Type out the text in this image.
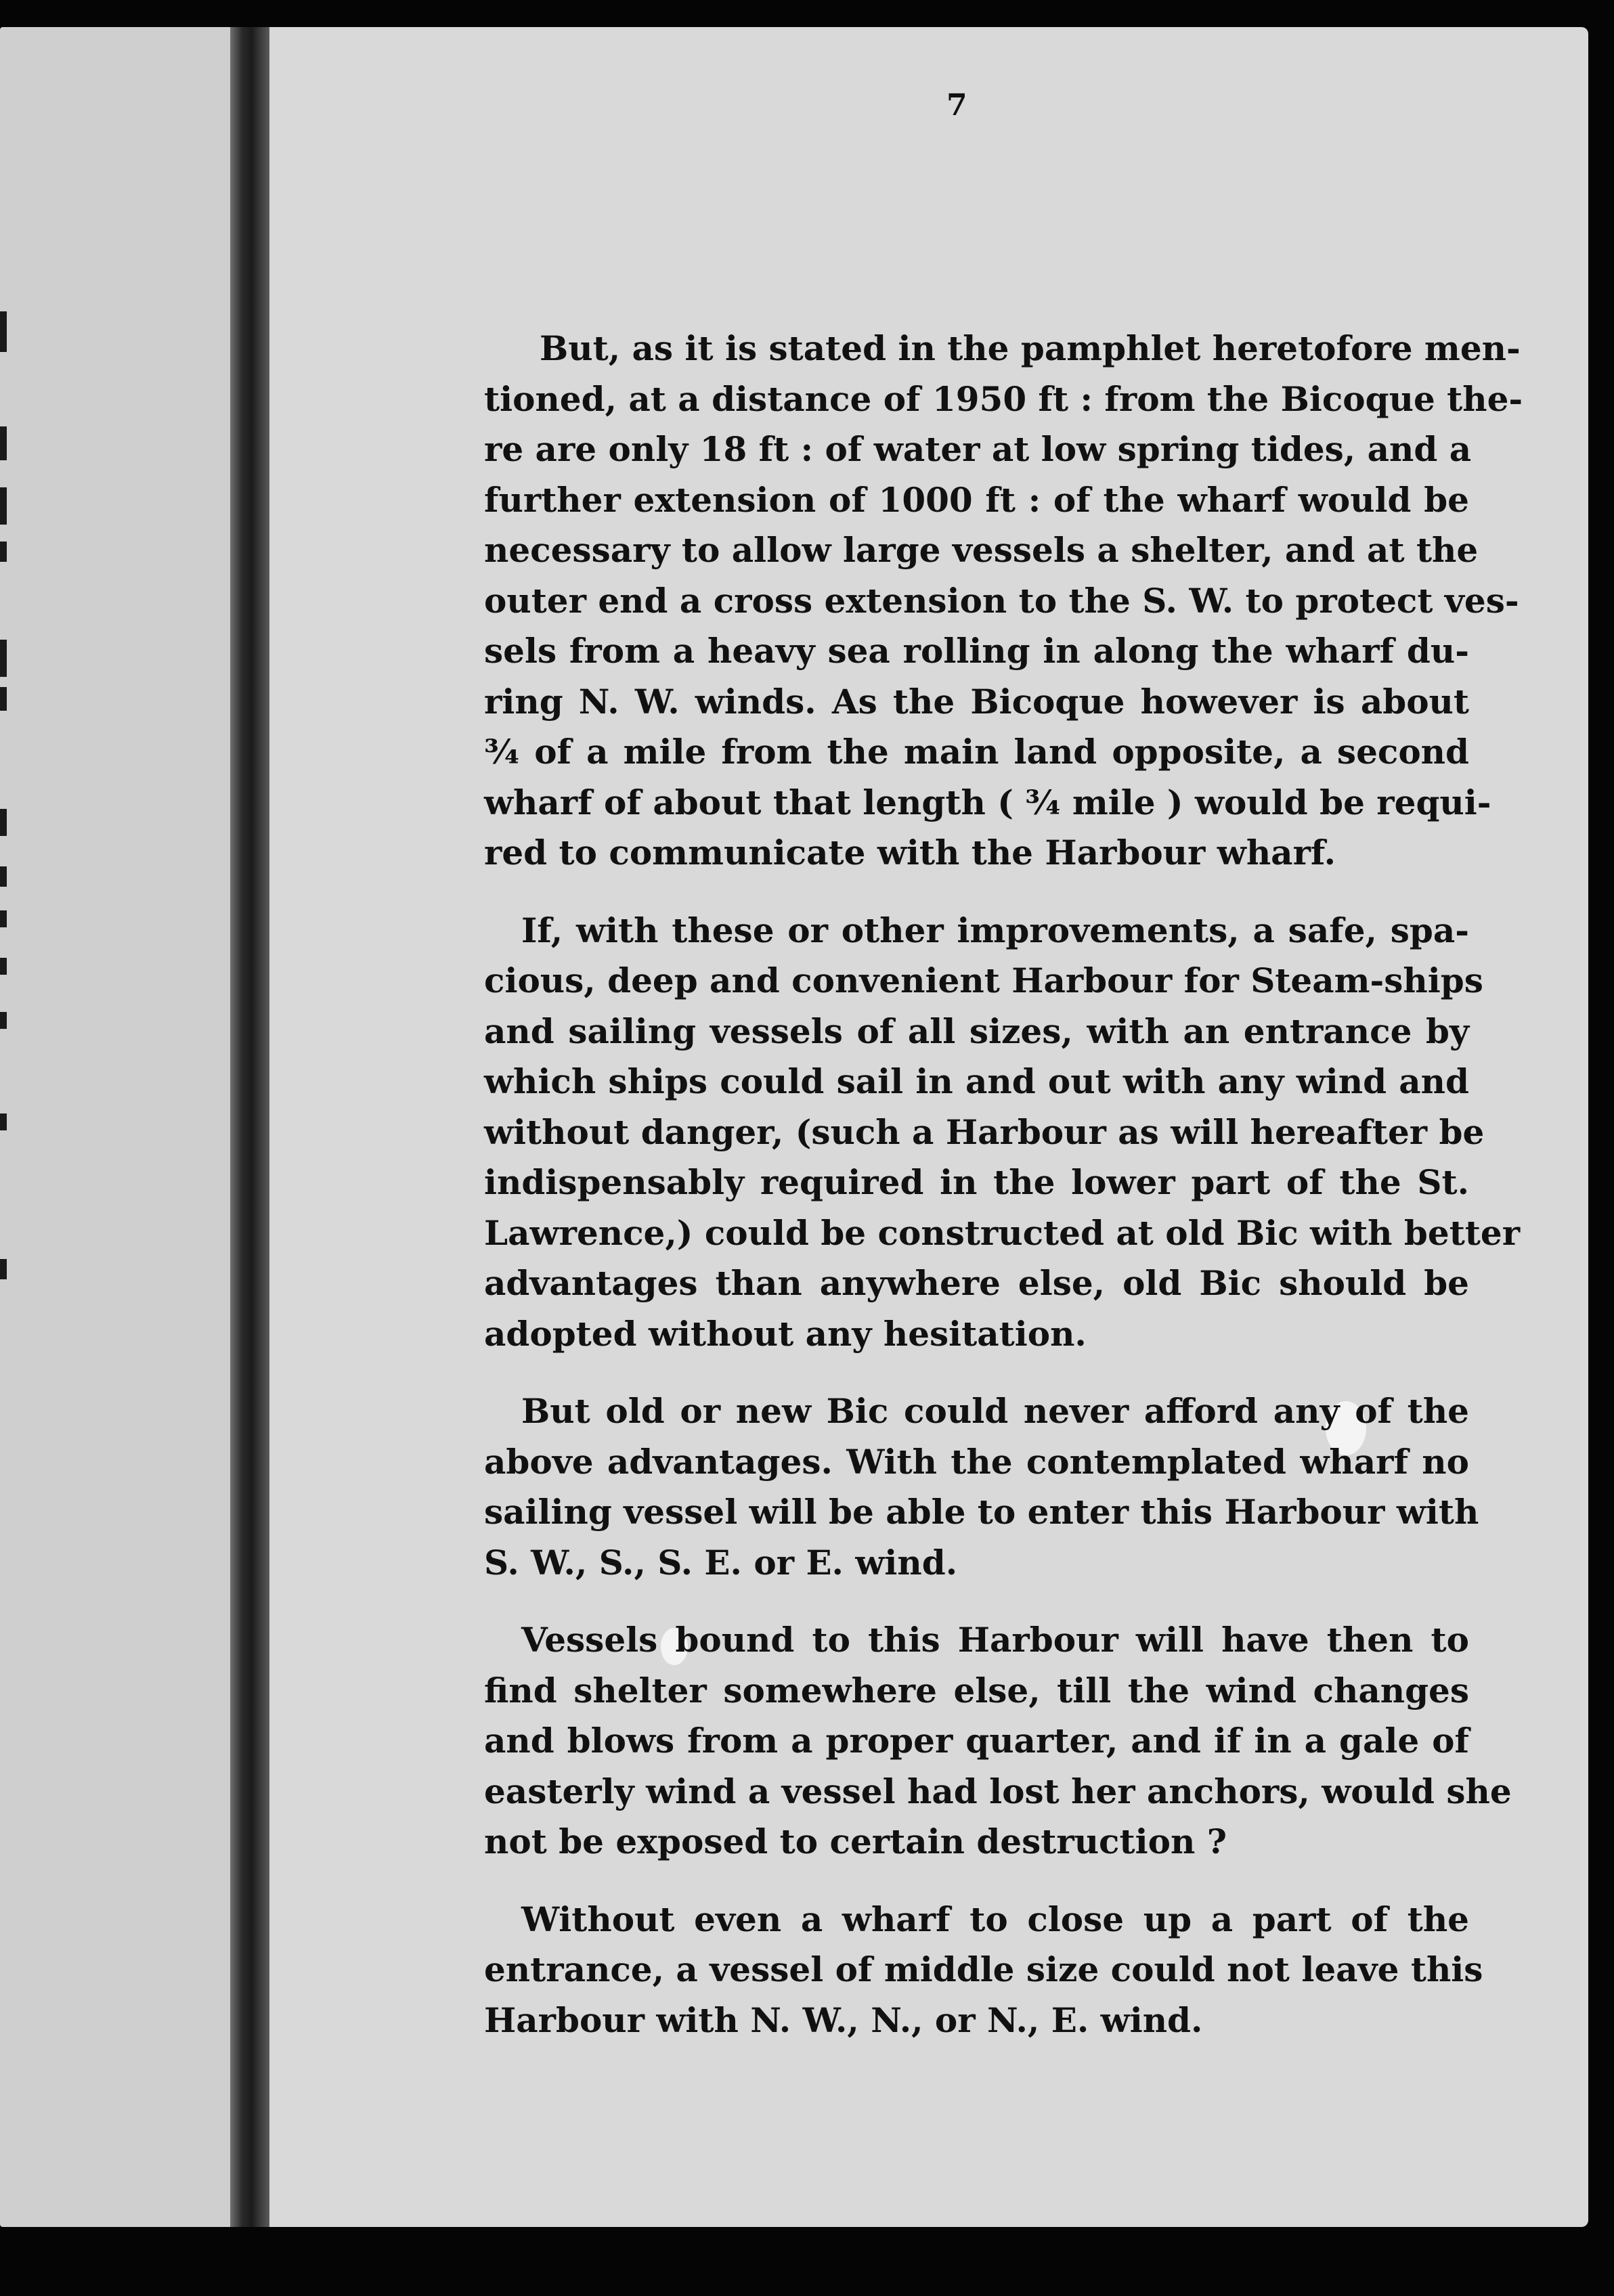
7
But, as it is stated in the pamphlet heretofore men-
tioned, at a distance of 1950 ft : from the Bicoque the-
re are only 18 ft : of water at low spring tides, and a
further extension of 1000 ft : of the wharf would be
necessary to allow large vessels a shelter, and at the
outer end a cross extension to the S. W. to protect ves-
sels from a heavy sea rolling in along the wharf du-
ring N. W. winds. As the Bicoque however is about
¾ of a mile from the main land opposite, a second
wharf of about that length ( ¾ mile ) would be requi-
red to communicate with the Harbour wharf.
If, with these or other improvements, a safe, spa-
cious, deep and convenient Harbour for Steam-ships
and sailing vessels of all sizes, with an entrance by
which ships could sail in and out with any wind and
without danger, (such a Harbour as will hereafter be
indispensably required in the lower part of the St.
Lawrence,) could be constructed at old Bic with better
advantages than anywhere else, old Bic should be
adopted without any hesitation.
But old or new Bic could never afford any of the
above advantages. With the contemplated wharf no
sailing vessel will be able to enter this Harbour with
S. W., S., S. E. or E. wind.
Vessels bound to this Harbour will have then to
find shelter somewhere else, till the wind changes
and blows from a proper quarter, and if in a gale of
easterly wind a vessel had lost her anchors, would she
not be exposed to certain destruction ?
Without even a wharf to close up a part of the
entrance, a vessel of middle size could not leave this
Harbour with N. W., N., or N., E. wind.
